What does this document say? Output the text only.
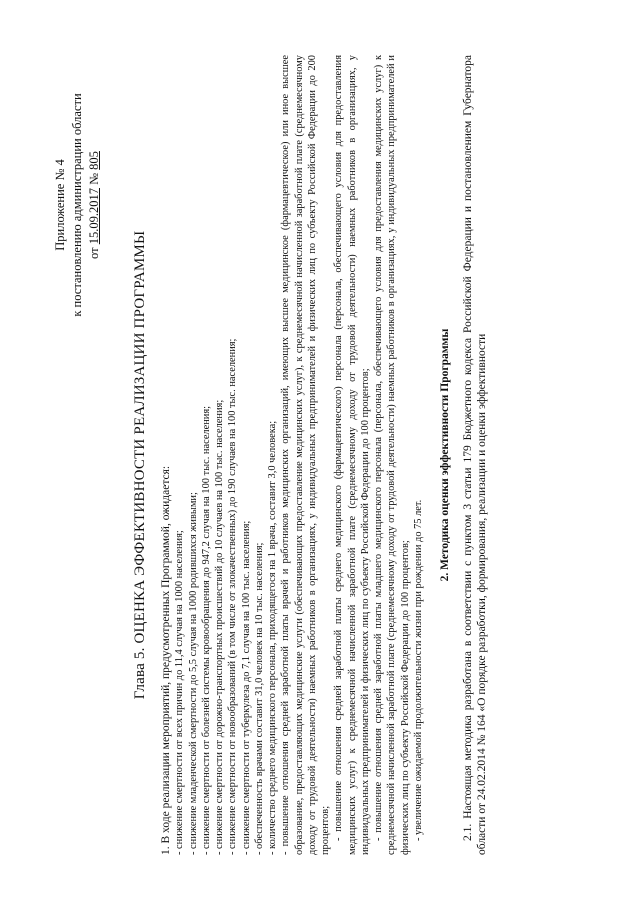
Приложение № 4 к постановлению администрации области от 15.09.2017 № 805
Глава 5. ОЦЕНКА ЭФФЕКТИВНОСТИ РЕАЛИЗАЦИИ ПРОГРАММЫ 1. В ходе реализации мероприятий, предусмотренных Программой, ожидается: - снижение смертности от всех причин до 11,4 случая на 1000 населения; - снижение младенческой смертности до 5,5 случая на 1000 родившихся живыми; - снижение смертности от болезней системы кровообращения до 947,2 случая на 100 тыс. населения; - снижение смертности от дорожно-транспортных происшествий до 10 случаев на 100 тыс. населения; - снижение смертности от новообразований (в том числе от злокачественных) до 190 случаев на 100 тыс. населения; - снижение смертности от туберкулеза до 7,1 случая на 100 тыс. населения; - обеспеченность врачами составит 31,0 человек на 10 тыс. населения; - количество среднего медицинского персонала, приходящегося на 1 врача, составит 3,0 человека; - повышение отношения средней заработной платы врачей и работников медицинских организаций, имеющих высшее медицинское (фармацевтическое) или иное высшее образование, предоставляющих медицинские услуги (обеспечивающих предоставление медицинских услуг), к среднемесячной начисленной заработной плате (среднемесячному доходу от трудовой деятельности) наемных работников в организациях, у индивидуальных предпринимателей и физических лиц по субъекту Российской Федерации до 200 процентов; - повышение отношения средней заработной платы среднего медицинского (фармацевтического) персонала (персонала, обеспечивающего условия для предоставления медицинских услуг) к среднемесячной начисленной заработной плате (среднемесячному доходу от трудовой деятельности) наемных работников в организациях, у индивидуальных предпринимателей и физических лиц по субъекту Российской Федерации до 100 процентов; - повышение отношения средней заработной платы младшего медицинского персонала (персонала, обеспечивающего условия для предоставления медицинских услуг) к среднемесячной начисленной заработной плате (среднемесячному доходу от трудовой деятельности) наемных работников в организациях, у индивидуальных предпринимателей и физических лиц по субъекту Российской Федерации до 100 процентов; - увеличение ожидаемой продолжительности жизни при рождении до 75 лет.

2. Методика оценки эффективности Программы 2.1. Настоящая методика разработана в соответствии с пунктом 3 статьи 179 Бюджетного кодекса Российской Федерации и постановлением Губернатора области от 24.02.2014 № 164 «О порядке разработки, формирования, реализации и оценки эффективности
